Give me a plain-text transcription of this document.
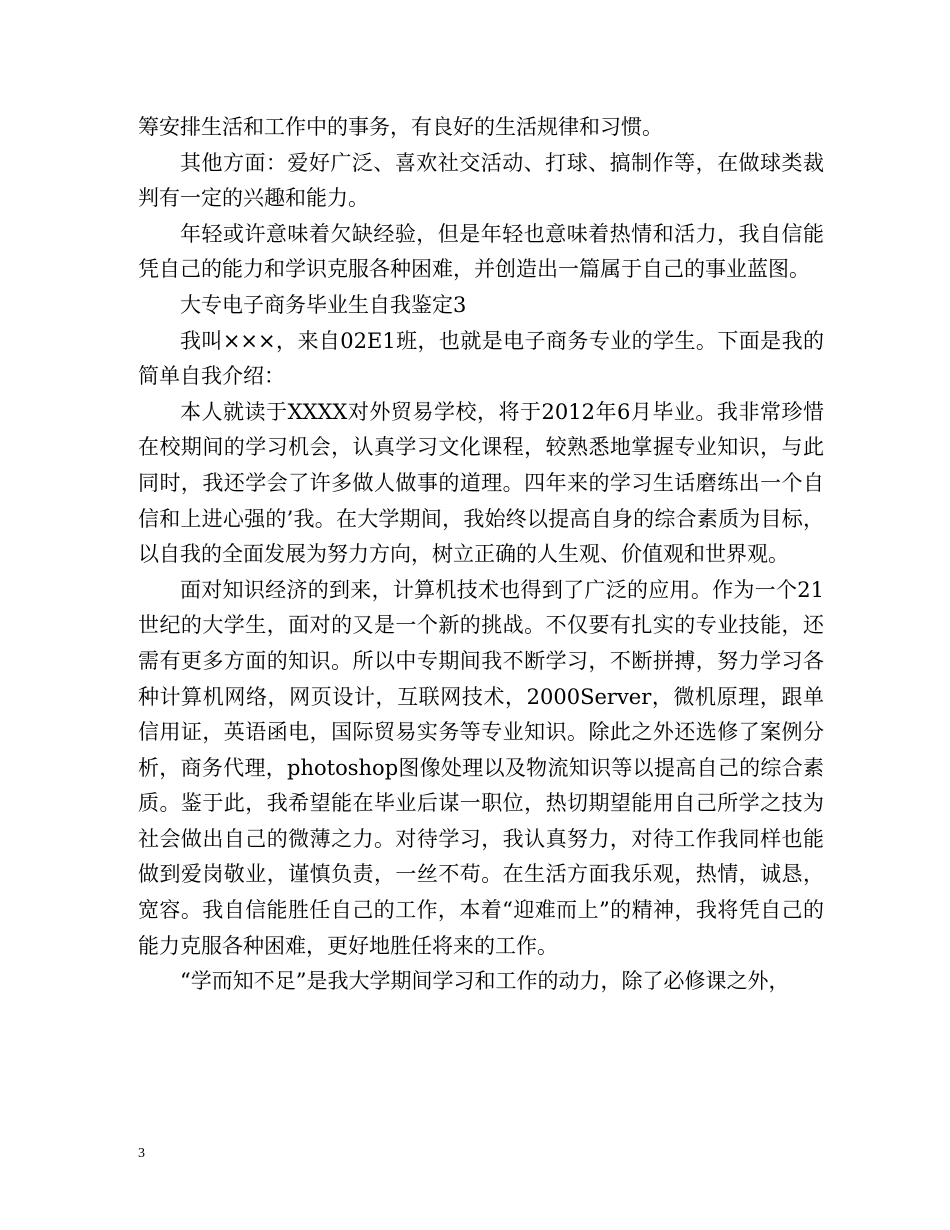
筹安排生活和工作中的事务，有良好的生活规律和习惯。

其他方面：爱好广泛、喜欢社交活动、打球、搞制作等，在做球类裁判有一定的兴趣和能力。

年轻或许意味着欠缺经验，但是年轻也意味着热情和活力，我自信能凭自己的能力和学识克服各种困难，并创造出一篇属于自己的事业蓝图。

大专电子商务毕业生自我鉴定3

我叫×××，来自02E1班，也就是电子商务专业的学生。下面是我的简单自我介绍：

本人就读于XXXX对外贸易学校，将于2012年6月毕业。我非常珍惜在校期间的学习机会，认真学习文化课程，较熟悉地掌握专业知识，与此同时，我还学会了许多做人做事的道理。四年来的学习生话磨练出一个自信和上进心强的’我。在大学期间，我始终以提高自身的综合素质为目标，以自我的全面发展为努力方向，树立正确的人生观、价值观和世界观。

面对知识经济的到来，计算机技术也得到了广泛的应用。作为一个21世纪的大学生，面对的又是一个新的挑战。不仅要有扎实的专业技能，还需有更多方面的知识。所以中专期间我不断学习，不断拼搏，努力学习各种计算机网络，网页设计，互联网技术，2000Server，微机原理，跟单信用证，英语函电，国际贸易实务等专业知识。除此之外还选修了案例分析，商务代理，photoshop图像处理以及物流知识等以提高自己的综合素质。鉴于此，我希望能在毕业后谋一职位，热切期望能用自己所学之技为社会做出自己的微薄之力。对待学习，我认真努力，对待工作我同样也能做到爱岗敬业，谨慎负责，一丝不苟。在生活方面我乐观，热情，诚恳，宽容。我自信能胜任自己的工作，本着“迎难而上”的精神，我将凭自己的能力克服各种困难，更好地胜任将来的工作。

“学而知不足”是我大学期间学习和工作的动力，除了必修课之外，

3
